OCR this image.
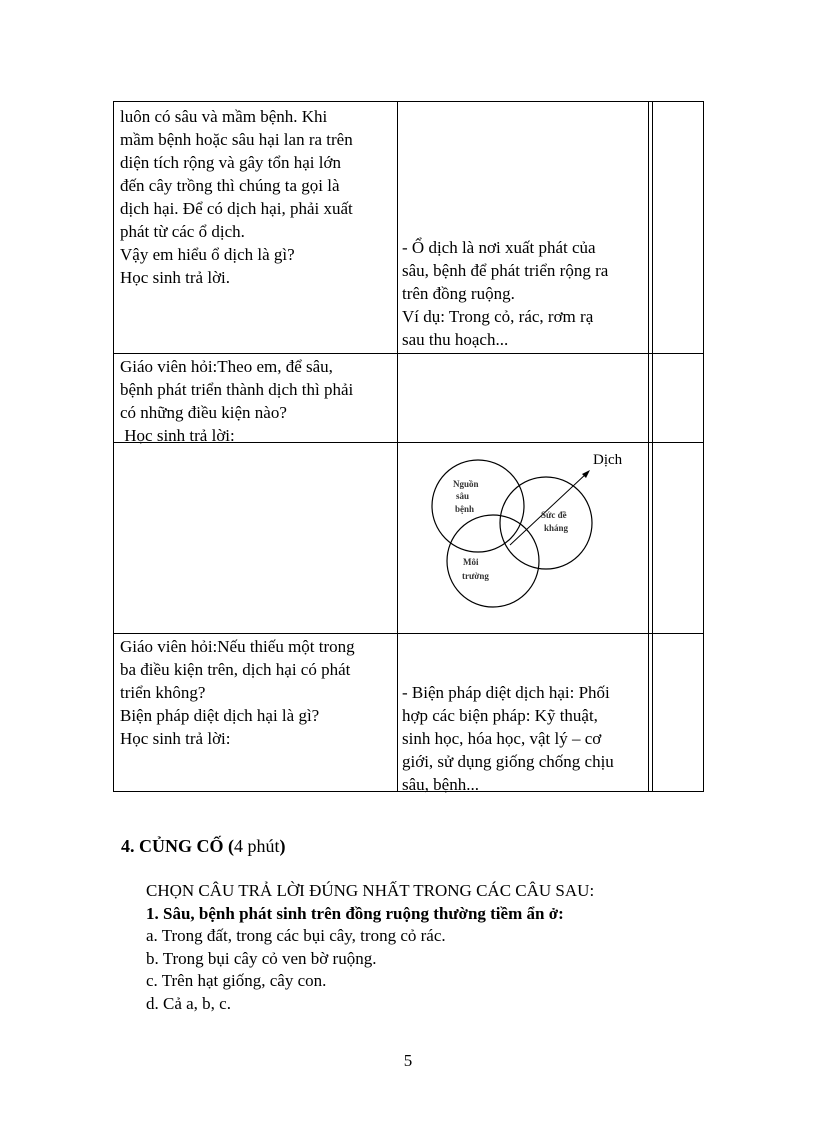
luôn có sâu và mầm bệnh. Khi
mầm bệnh hoặc sâu hại lan ra trên
diện tích rộng và gây tổn hại lớn
đến cây trồng thì chúng ta gọi là
dịch hại. Để có dịch hại, phải xuất
phát từ các ổ dịch.
Vậy em hiểu ổ dịch là gì?
Học sinh trả lời.
- Ổ dịch là nơi xuất phát của
sâu, bệnh để phát triển rộng ra
trên đồng ruộng.
Ví dụ: Trong cỏ, rác, rơm rạ
sau thu hoạch...
Giáo viên hỏi:Theo em, để sâu,
bệnh phát triển thành dịch thì phải
có những điều kiện nào?
Học sinh trả lời:
Giáo viên hỏi:Nếu thiếu một trong
ba điều kiện trên, dịch hại có phát
triển không?
Biện pháp diệt dịch hại là gì?
Học sinh trả lời:
- Biện pháp diệt dịch hại: Phối
hợp các biện pháp: Kỹ thuật,
sinh học, hóa học, vật lý – cơ
giới, sử dụng giống chống chịu
sâu, bệnh...
Dịch
Nguồn
sâu
bệnh
Sức đề
kháng
Môi
trường
4. CỦNG CỐ (4 phút)
CHỌN CÂU TRẢ LỜI ĐÚNG NHẤT TRONG CÁC CÂU SAU:
1. Sâu, bệnh phát sinh trên đồng ruộng thường tiềm ẩn ở:
a. Trong đất, trong các bụi cây, trong cỏ rác.
b. Trong bụi cây cỏ ven bờ ruộng.
c. Trên hạt giống, cây con.
d. Cả a, b, c.
5
